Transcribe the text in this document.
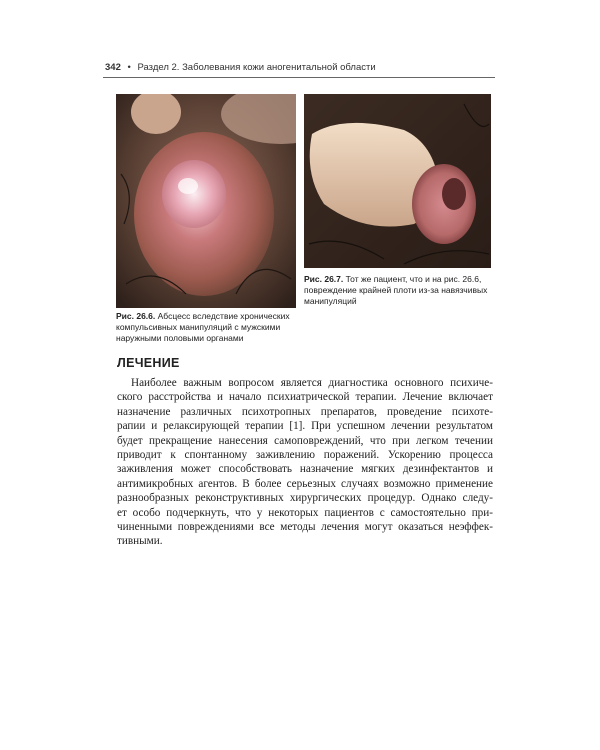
342 • Раздел 2. Заболевания кожи аногенитальной области
Рис. 26.7. Тот же пациент, что и на рис. 26.6, повреждение крайней плоти из-за навязчивых манипуляций
Рис. 26.6. Абсцесс вследствие хронических компульсивных манипуляций с мужскими наружными половыми органами
ЛЕЧЕНИЕ
Наиболее важным вопросом является диагностика основного психиче-
ского расстройства и начало психиатрической терапии. Лечение включает
назначение различных психотропных препаратов, проведение психоте-
рапии и релаксирующей терапии [1]. При успешном лечении результатом
будет прекращение нанесения самоповреждений, что при легком течении
приводит к спонтанному заживлению поражений. Ускорению процесса
заживления может способствовать назначение мягких дезинфектантов и
антимикробных агентов. В более серьезных случаях возможно применение
разнообразных реконструктивных хирургических процедур. Однако следу-
ет особо подчеркнуть, что у некоторых пациентов с самостоятельно при-
чиненными повреждениями все методы лечения могут оказаться неэффек-
тивными.
